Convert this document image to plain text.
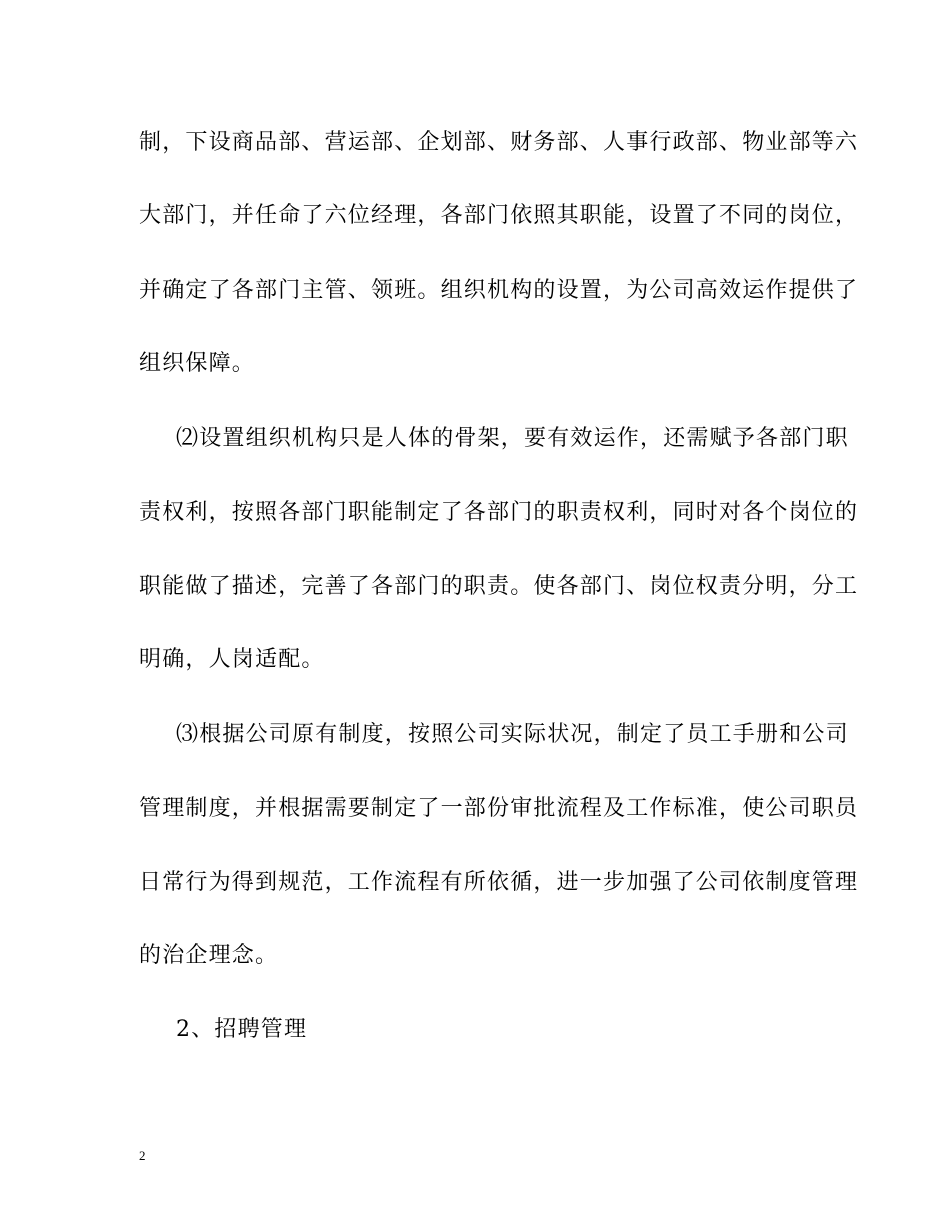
制，下设商品部、营运部、企划部、财务部、人事行政部、物业部等六
大部门，并任命了六位经理，各部门依照其职能，设置了不同的岗位，
并确定了各部门主管、领班。组织机构的设置，为公司高效运作提供了
组织保障。
⑵设置组织机构只是人体的骨架，要有效运作，还需赋予各部门职
责权利，按照各部门职能制定了各部门的职责权利，同时对各个岗位的
职能做了描述，完善了各部门的职责。使各部门、岗位权责分明，分工
明确，人岗适配。
⑶根据公司原有制度，按照公司实际状况，制定了员工手册和公司
管理制度，并根据需要制定了一部份审批流程及工作标准，使公司职员
日常行为得到规范，工作流程有所依循，进一步加强了公司依制度管理
的治企理念。
2、招聘管理
2
